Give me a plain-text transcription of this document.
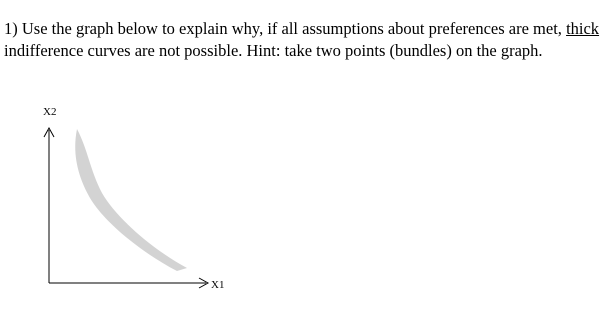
1) Use the graph below to explain why, if all assumptions about preferences are met, thick

indifference curves are not possible. Hint: take two points (bundles) on the graph.

X2
X1
